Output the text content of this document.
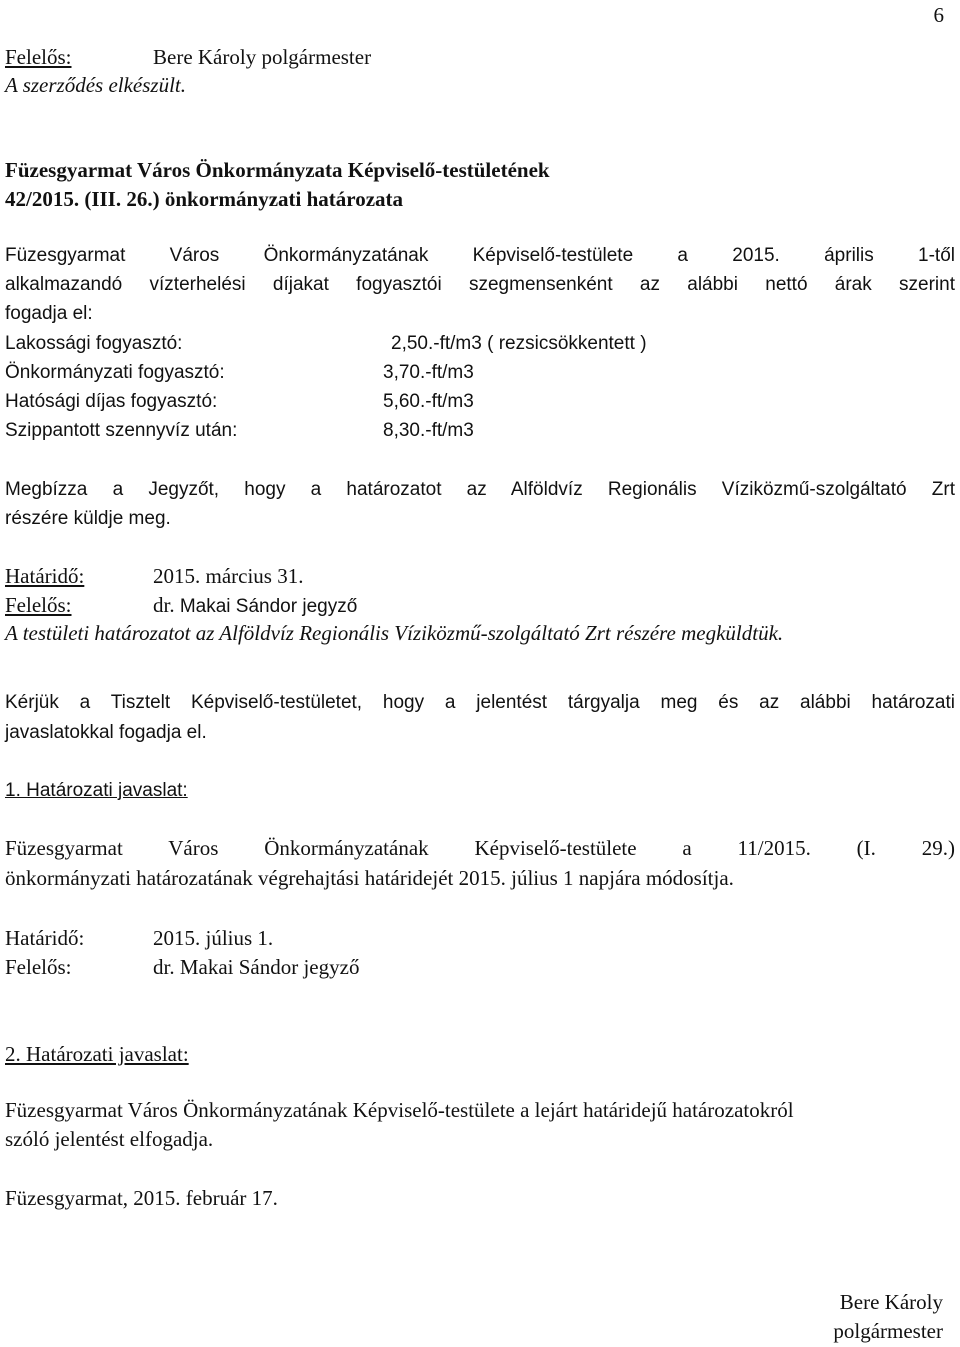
6
Felelős:	Bere Károly polgármester
A szerződés elkészült.
Füzesgyarmat Város Önkormányzata Képviselő-testületének
42/2015. (III. 26.) önkormányzati határozata
Füzesgyarmat Város Önkormányzatának Képviselő-testülete a 2015. április 1-től
alkalmazandó vízterhelési díjakat fogyasztói szegmensenként az alábbi nettó árak szerint
fogadja el:
Lakossági fogyasztó:	2,50.-ft/m3 ( rezsicsökkentett )
Önkormányzati fogyasztó:	3,70.-ft/m3
Hatósági díjas fogyasztó:	5,60.-ft/m3
Szippantott szennyvíz után:	8,30.-ft/m3
Megbízza a Jegyzőt, hogy a határozatot az Alföldvíz Regionális Víziközmű-szolgáltató Zrt
részére küldje meg.
Határidő:	2015. március 31.
Felelős:	dr. Makai Sándor jegyző
A testületi határozatot az Alföldvíz Regionális Víziközmű-szolgáltató Zrt részére megküldtük.
Kérjük a Tisztelt Képviselő-testületet, hogy a jelentést tárgyalja meg és az alábbi határozati
javaslatokkal fogadja el.
1. Határozati javaslat:
Füzesgyarmat Város Önkormányzatának Képviselő-testülete a 11/2015. (I. 29.)
önkormányzati határozatának végrehajtási határidejét 2015. július 1 napjára módosítja.
Határidő:	2015. július 1.
Felelős:	dr. Makai Sándor jegyző
2. Határozati javaslat:
Füzesgyarmat Város Önkormányzatának Képviselő-testülete a lejárt határidejű határozatokról
szóló jelentést elfogadja.
Füzesgyarmat, 2015. február 17.
Bere Károly
polgármester
